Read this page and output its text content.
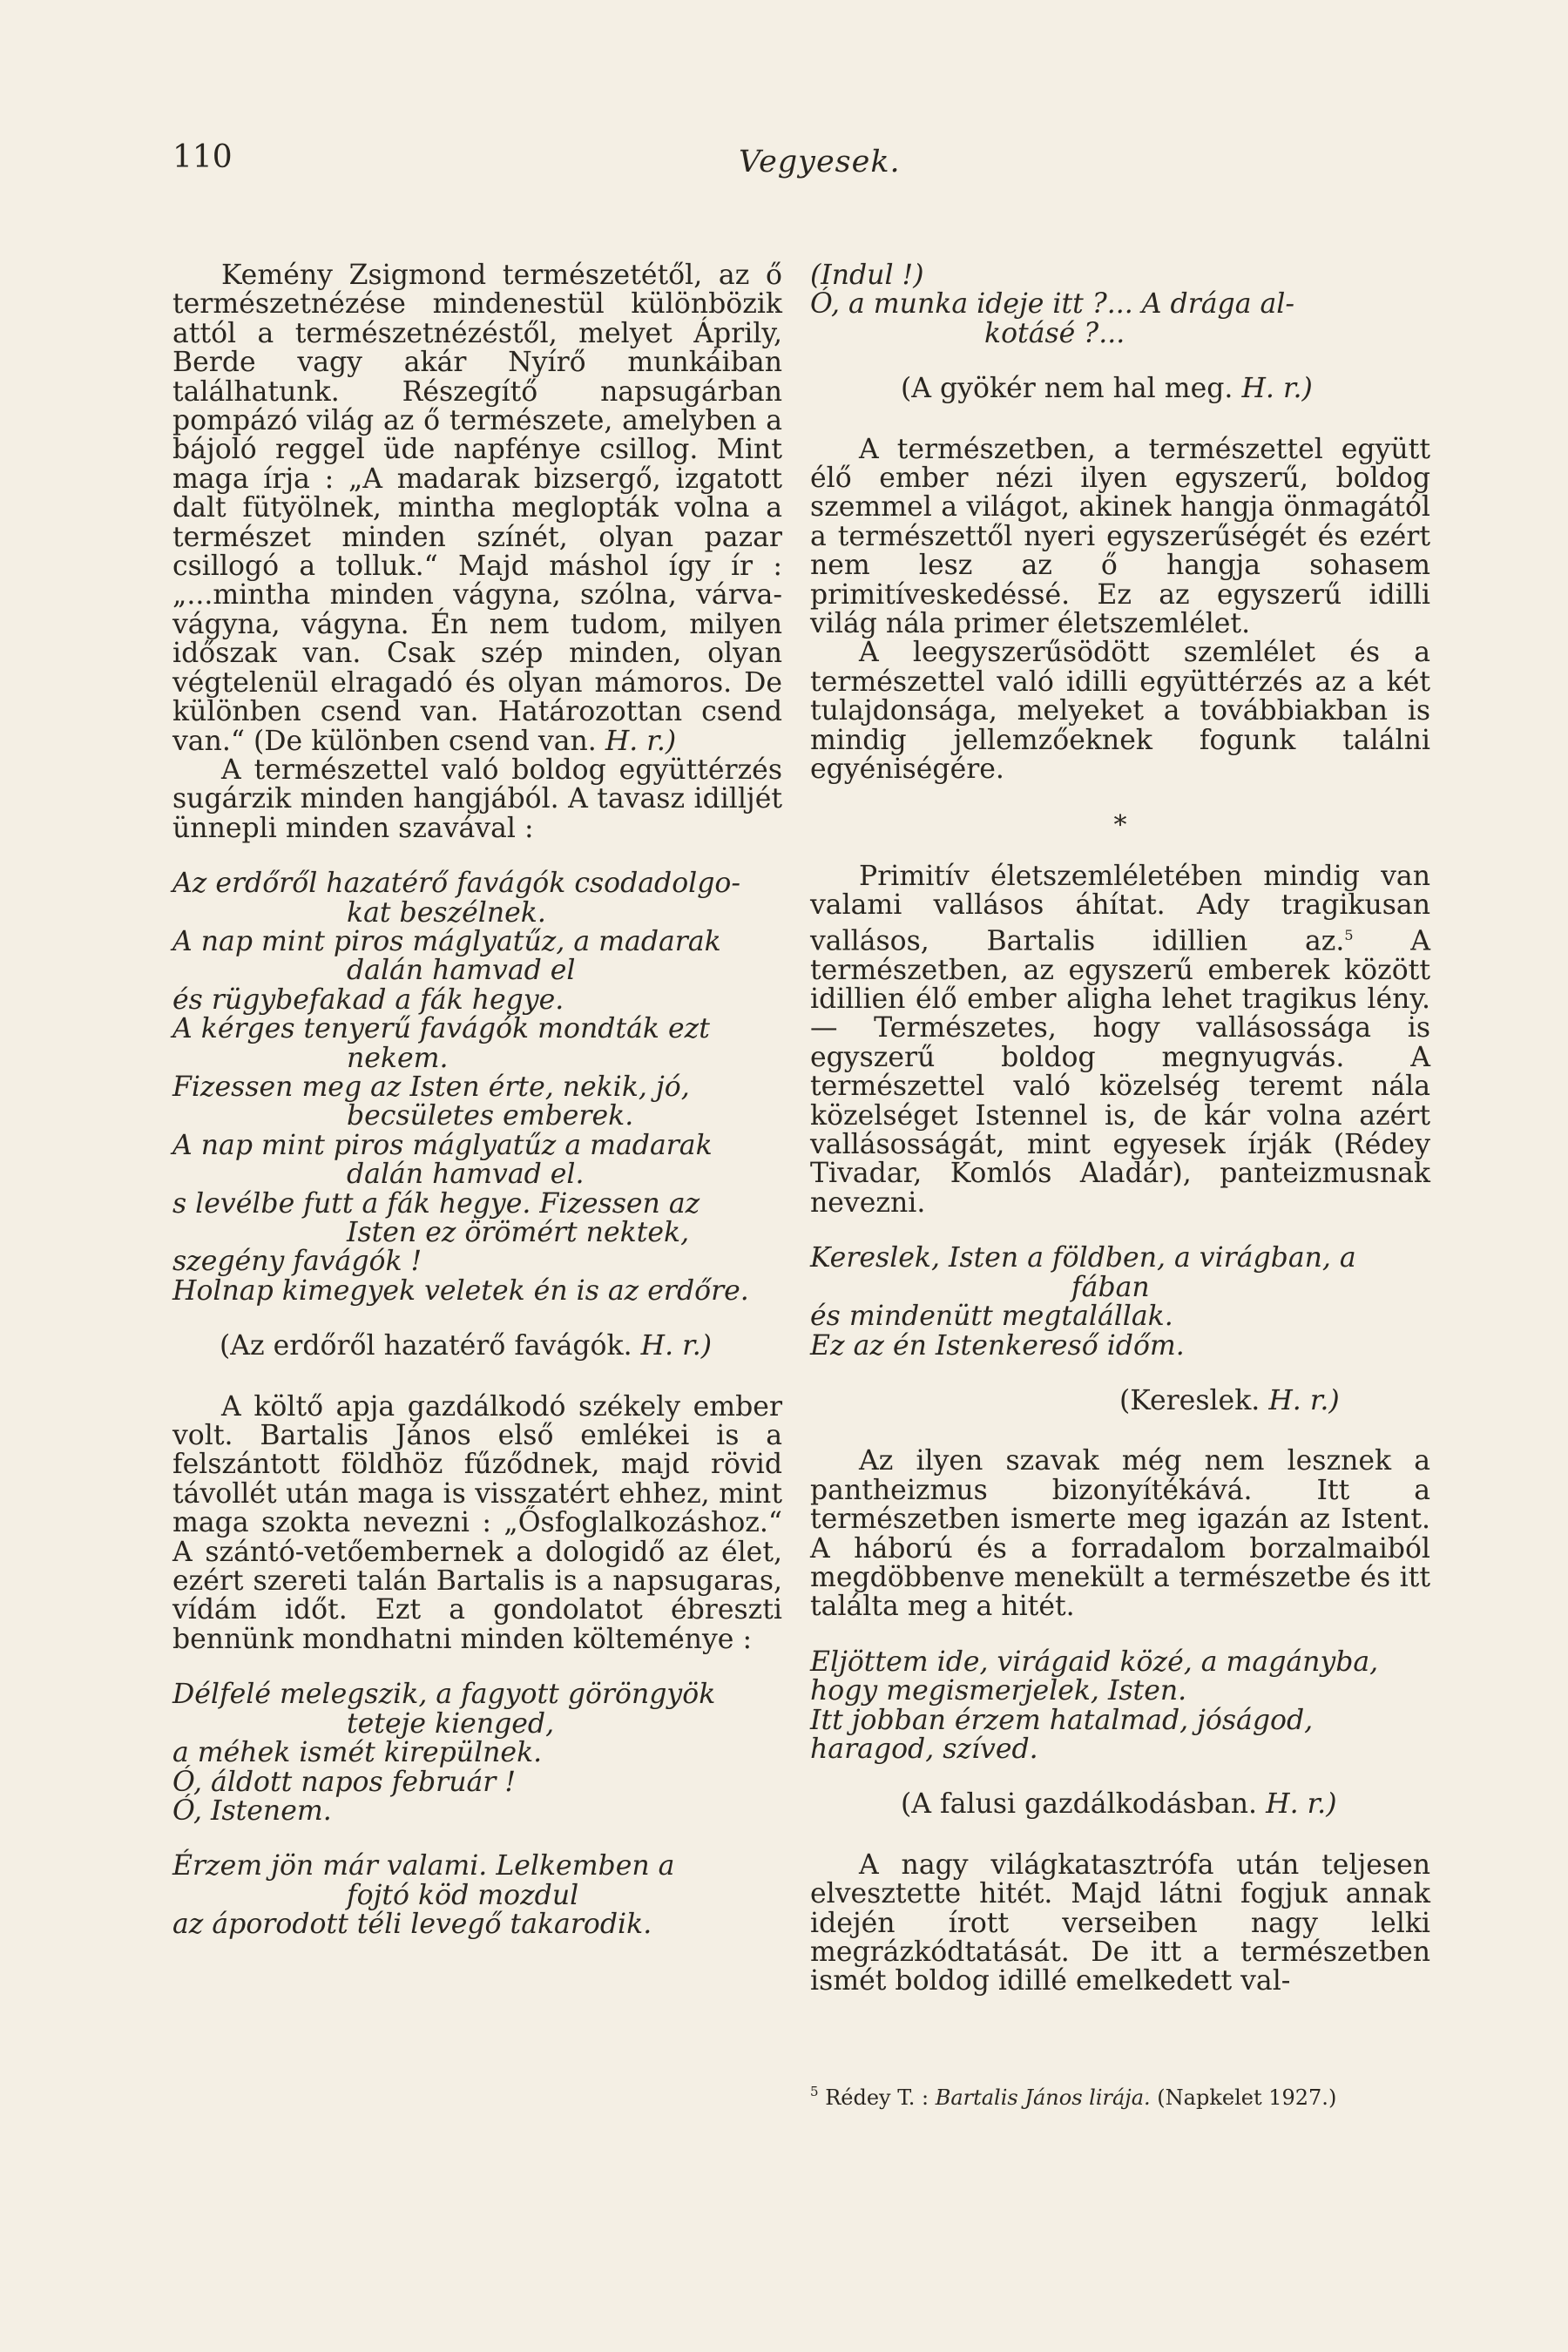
110	Vegyesek.

Kemény Zsigmond természetétől, az ő természetnézése mindenestül különbözik attól a természetnézéstől, melyet Áprily, Berde vagy akár Nyírő munkáiban találhatunk. Részegítő napsugárban pompázó világ az ő természete, amelyben a bájoló reggel üde napfénye csillog. Mint maga írja : „A madarak bizsergő, izgatott dalt fütyölnek, mintha meglopták volna a természet minden színét, olyan pazar csillogó a tolluk.“ Majd máshol így ír : „...mintha minden vágyna, szólna, várva-vágyna, vágyna. Én nem tudom, milyen időszak van. Csak szép minden, olyan végtelenül elragadó és olyan mámoros. De különben csend van. Határozottan csend van.“ (De különben csend van. H. r.)

A természettel való boldog együttérzés sugárzik minden hangjából. A tavasz idilljét ünnepli minden szavával :

Az erdőről hazatérő favágók csodadolgo-
kat beszélnek.
A nap mint piros máglyatűz, a madarak
dalán hamvad el
és rügybefakad a fák hegye.
A kérges tenyerű favágók mondták ezt
nekem.
Fizessen meg az Isten érte, nekik, jó,
becsületes emberek.
A nap mint piros máglyatűz a madarak
dalán hamvad el.
s levélbe futt a fák hegye. Fizessen az
Isten ez örömért nektek,
szegény favágók !
Holnap kimegyek veletek én is az erdőre.

(Az erdőről hazatérő favágók. H. r.)

A költő apja gazdálkodó székely ember volt. Bartalis János első emlékei is a felszántott földhöz fűződnek, majd rövid távollét után maga is visszatért ehhez, mint maga szokta nevezni : „Ősfoglalkozáshoz.“ A szántó-vetőembernek a dologidő az élet, ezért szereti talán Bartalis is a napsugaras, vídám időt. Ezt a gondolatot ébreszti bennünk mondhatni minden költeménye :

Délfelé melegszik, a fagyott göröngyök
teteje kienged,
a méhek ismét kirepülnek.
Ó, áldott napos február !
Ó, Istenem.
Érzem jön már valami. Lelkemben a
fojtó köd mozdul
az áporodott téli levegő takarodik.
(Indul !)
Ó, a munka ideje itt ?... A drága al-
kotásé ?...

(A gyökér nem hal meg. H. r.)

A természetben, a természettel együtt élő ember nézi ilyen egyszerű, boldog szemmel a világot, akinek hangja önmagától a természettől nyeri egyszerűségét és ezért nem lesz az ő hangja sohasem primitíveskedéssé. Ez az egyszerű idilli világ nála primer életszemlélet.

A leegyszerűsödött szemlélet és a természettel való idilli együttérzés az a két tulajdonsága, melyeket a továbbiakban is mindig jellemzőeknek fogunk találni egyéniségére.

*

Primitív életszemléletében mindig van valami vallásos áhítat. Ady tragikusan vallásos, Bartalis idillien az.$^5$ A természetben, az egyszerű emberek között idillien élő ember aligha lehet tragikus lény. — Természetes, hogy vallásossága is egyszerű boldog megnyugvás. A természettel való közelség teremt nála közelséget Istennel is, de kár volna azért vallásosságát, mint egyesek írják (Rédey Tivadar, Komlós Aladár), panteizmusnak nevezni.

Kereslek, Isten a földben, a virágban, a
fában
és mindenütt megtalállak.
Ez az én Istenkereső időm.

(Kereslek. H. r.)

Az ilyen szavak még nem lesznek a pantheizmus bizonyítékává. Itt a természetben ismerte meg igazán az Istent. A háború és a forradalom borzalmaiból megdöbbenve menekült a természetbe és itt találta meg a hitét.

Eljöttem ide, virágaid közé, a magányba,
hogy megismerjelek, Isten.
Itt jobban érzem hatalmad, jóságod,
haragod, szíved.

(A falusi gazdálkodásban. H. r.)

A nagy világkatasztrófa után teljesen elvesztette hitét. Majd látni fogjuk annak idején írott verseiben nagy lelki megrázkódtatását. De itt a természetben ismét boldog idillé emelkedett val-

$^5$ Rédey T. : Bartalis János lirája. (Napkelet 1927.)
